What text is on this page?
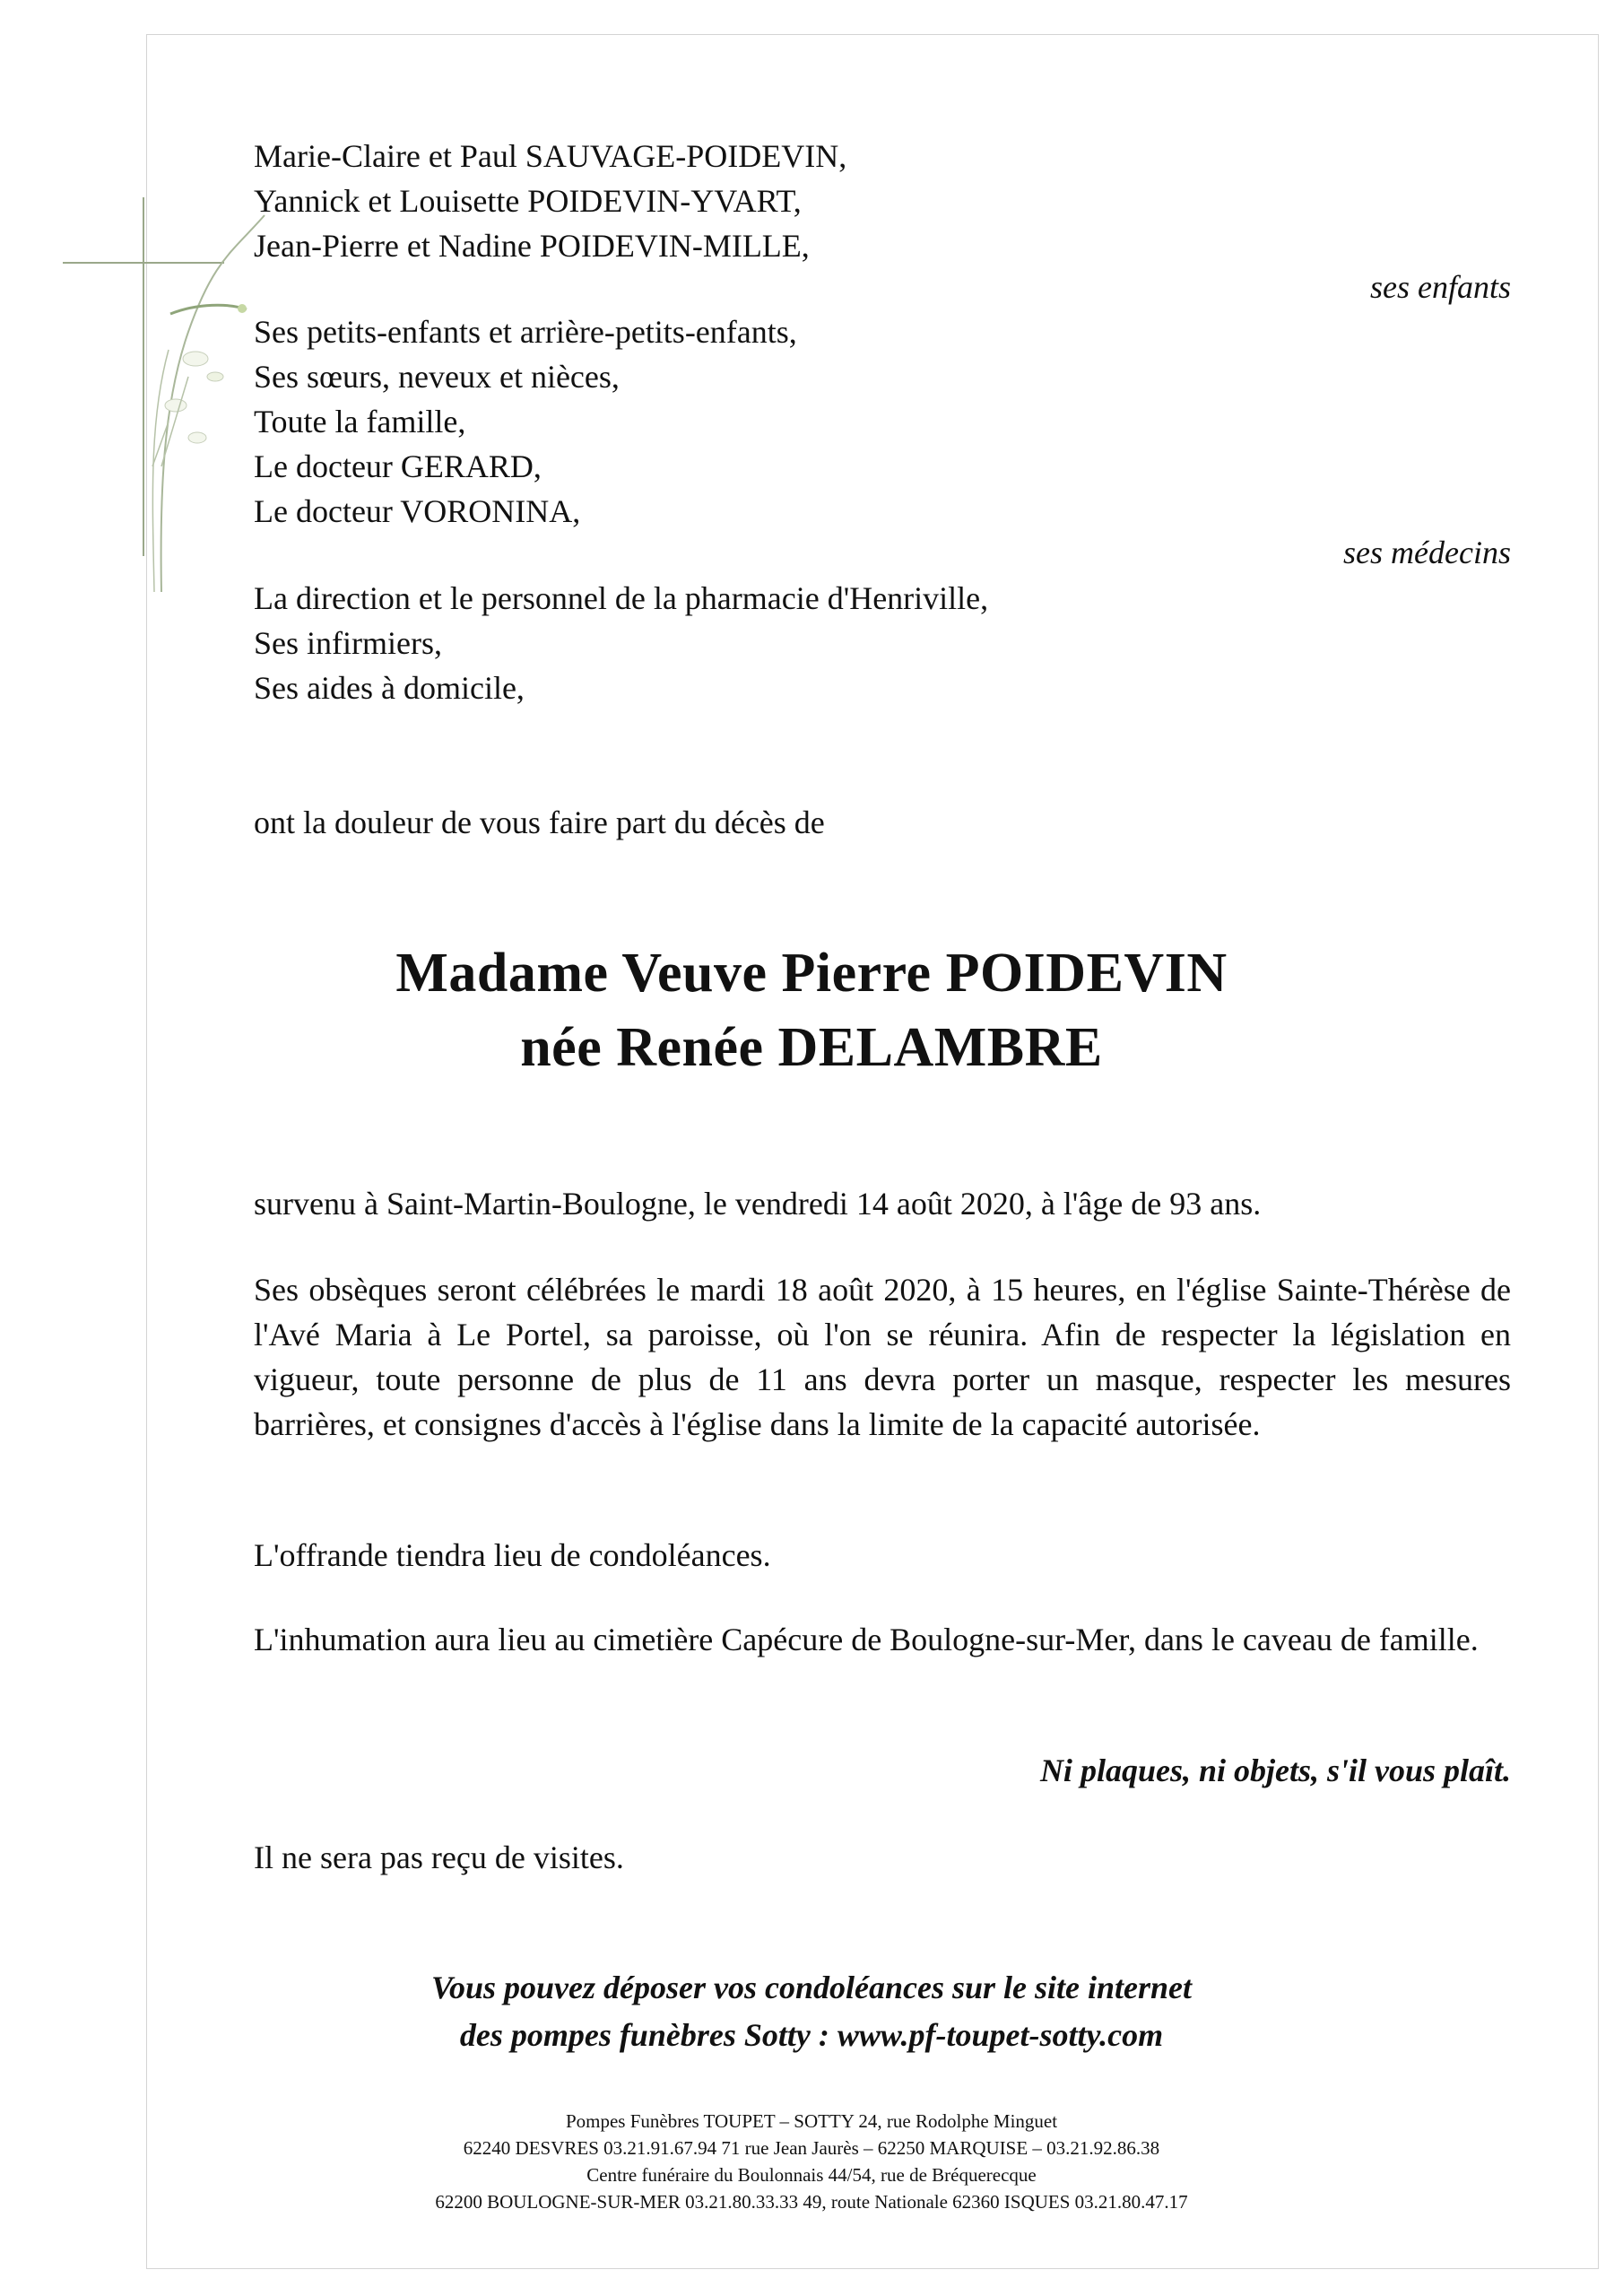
Marie-Claire et Paul SAUVAGE-POIDEVIN,
Yannick et Louisette POIDEVIN-YVART,
Jean-Pierre et Nadine POIDEVIN-MILLE,
ses enfants
Ses petits-enfants et arrière-petits-enfants,
Ses sœurs, neveux et nièces,
Toute la famille,
Le docteur GERARD,
Le docteur VORONINA,
ses médecins
La direction et le personnel de la pharmacie d'Henriville,
Ses infirmiers,
Ses aides à domicile,
ont la douleur de vous faire part du décès de
Madame Veuve Pierre POIDEVIN
née Renée DELAMBRE
survenu à Saint-Martin-Boulogne, le vendredi 14 août 2020, à l'âge de 93 ans.
Ses obsèques seront célébrées le mardi 18 août 2020, à 15 heures, en l'église Sainte-Thérèse de l'Avé Maria à Le Portel, sa paroisse, où l'on se réunira. Afin de respecter la législation en vigueur, toute personne de plus de 11 ans devra porter un masque, respecter les mesures barrières, et consignes d'accès à l'église dans la limite de la capacité autorisée.
L'offrande tiendra lieu de condoléances.
L'inhumation aura lieu au cimetière Capécure de Boulogne-sur-Mer, dans le caveau de famille.
Ni plaques, ni objets, s'il vous plaît.
Il ne sera pas reçu de visites.
Vous pouvez déposer vos condoléances sur le site internet
des pompes funèbres Sotty : www.pf-toupet-sotty.com
Pompes Funèbres TOUPET – SOTTY 24, rue Rodolphe Minguet
62240 DESVRES 03.21.91.67.94 71 rue Jean Jaurès – 62250 MARQUISE – 03.21.92.86.38
Centre funéraire du Boulonnais 44/54, rue de Bréquerecque
62200 BOULOGNE-SUR-MER 03.21.80.33.33 49, route Nationale 62360 ISQUES 03.21.80.47.17
